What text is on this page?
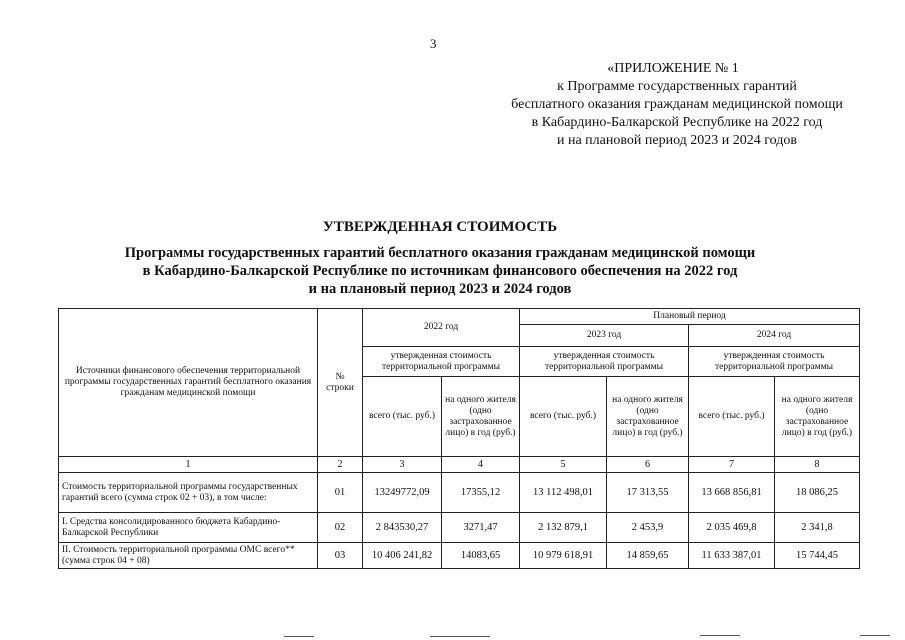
3
«ПРИЛОЖЕНИЕ № 1
к Программе государственных гарантий
бесплатного оказания гражданам медицинской помощи
в Кабардино-Балкарской Республике на 2022 год
и на плановой период 2023 и 2024 годов
УТВЕРЖДЕННАЯ СТОИМОСТЬ
Программы государственных гарантий бесплатного оказания гражданам медицинской помощи
в Кабардино-Балкарской Республике по источникам финансового обеспечения на 2022 год
и на плановый период 2023 и 2024 годов
Источники финансового обеспечения территориальной программы государственных гарантий бесплатного оказания гражданам медицинской помощи	№ строки	2022 год		Плановый период			
				2023 год		2024 год	
		утвержденная стоимость территориальной программы		утвержденная стоимость территориальной программы		утвержденная стоимость территориальной программы	
		всего (тыс. руб.)	на одного жителя (одно застрахованное лицо) в год (руб.)	всего (тыс. руб.)	на одного жителя (одно застрахованное лицо) в год (руб.)	всего (тыс. руб.)	на одного жителя (одно застрахованное лицо) в год (руб.)
1	2	3	4	5	6	7	8
Стоимость территориальной программы государственных гарантий всего (сумма строк 02 + 03), в том числе:	01	13249772,09	17355,12	13 112 498,01	17 313,55	13 668 856,81	18 086,25
I. Средства консолидированного бюджета Кабардино-Балкарской Республики	02	2 843530,27	3271,47	2 132 879,1	2 453,9	2 035 469,8	2 341,8
II. Стоимость территориальной программы ОМС всего** (сумма строк 04 + 08)	03	10 406 241,82	14083,65	10 979 618,91	14 859,65	11 633 387,01	15 744,45
